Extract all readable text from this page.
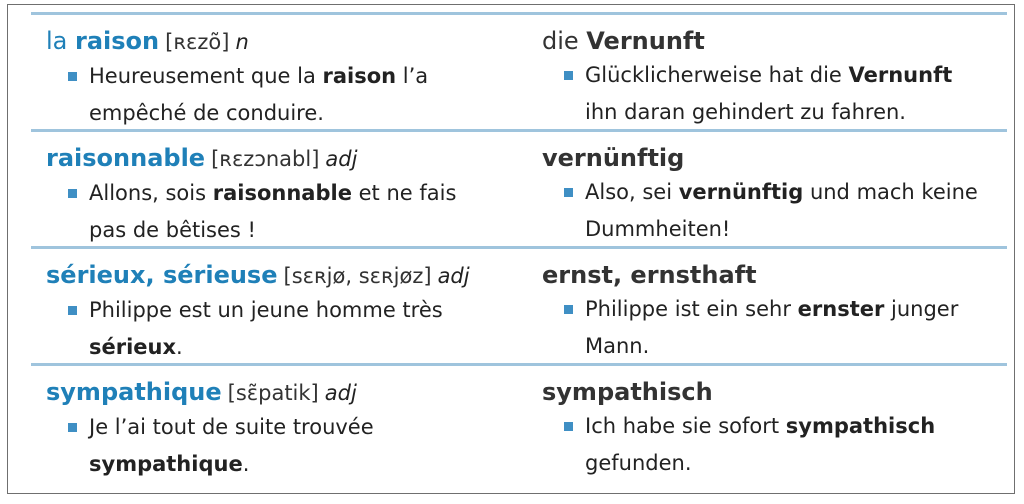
la raison [ʀɛzõ] n
Heureusement que la raison l’a
empêché de conduire.
die Vernunft
Glücklicherweise hat die Vernunft
ihn daran gehindert zu fahren.
raisonnable [ʀɛzɔnabl] adj
Allons, sois raisonnable et ne fais
pas de bêtises !
vernünftig
Also, sei vernünftig und mach keine
Dummheiten!
sérieux, sérieuse [sɛʀjø, sɛʀjøz] adj
Philippe est un jeune homme très
sérieux.
ernst, ernsthaft
Philippe ist ein sehr ernster junger
Mann.
sympathique [sɛ̃patik] adj
Je l’ai tout de suite trouvée
sympathique.
sympathisch
Ich habe sie sofort sympathisch
gefunden.
